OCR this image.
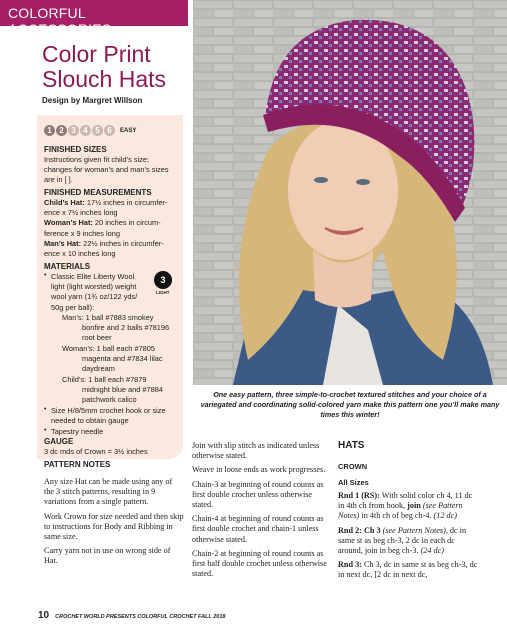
COLORFUL ACCESSORIES
Color Print
Slouch Hats
Design by Margret Willson
1 2 3 4 5 6	EASY
FINISHED SIZES
Instructions given fit child’s size;
changes for woman’s and man’s sizes
are in [ ].
FINISHED MEASUREMENTS
Child’s Hat: 17½ inches in circumfer-
ence x 7½ inches long
Woman’s Hat: 20 inches in circum-
ference x 9 inches long
Man’s Hat: 22½ inches in circumfer-
ence x 10 inches long
MATERIALS
3
LIGHT
• Classic Elite Liberty Wool
light (light worsted) weight
wool yarn (1¾ oz/122 yds/
50g per ball):
Man’s: 1 ball #7883 smokey
bonfire and 2 balls #78196
root beer
Woman’s: 1 ball each #7805
magenta and #7834 lilac
daydream
Child’s: 1 ball each #7879
midnight blue and #7884
patchwork calico
• Size H/8/5mm crochet hook or size
needed to obtain gauge
• Tapestry needle
GAUGE
3 dc mds of Crown = 3½ inches
One easy pattern, three simple-to-crochet textured stitches and your choice of a variegated and coordinating solid-colored yarn make this pattern one you’ll make many times this winter!
PATTERN NOTES

Any size Hat can be made using any of the 3 stitch patterns, resulting in 9 variations from a single pattern.

Work Crown for size needed and then skip to instructions for Body and Ribbing in same size.

Carry yarn not in use on wrong side of Hat.

Join with slip stitch as indicated unless otherwise stated.

Weave in loose ends as work progresses.

Chain-3 at beginning of round counts as first double crochet unless otherwise stated.

Chain-4 at beginning of round counts as first double crochet and chain-1 unless otherwise stated.

Chain-2 at beginning of round counts as first half double crochet unless otherwise stated.

HATS
CROWN
All Sizes

Rnd 1 (RS): With solid color ch 4, 11 dc in 4th ch from hook, join (see Pattern Notes) in 4th ch of beg ch-4. (12 dc)

Rnd 2: Ch 3 (see Pattern Notes), dc in same st as beg ch-3, 2 dc in each dc around, join in beg ch-3. (24 dc)

Rnd 3: Ch 3, dc in same st as beg ch-3, dc in next dc, [2 dc in next dc,

10 CROCHET WORLD PRESENTS COLORFUL CROCHET FALL 2018
